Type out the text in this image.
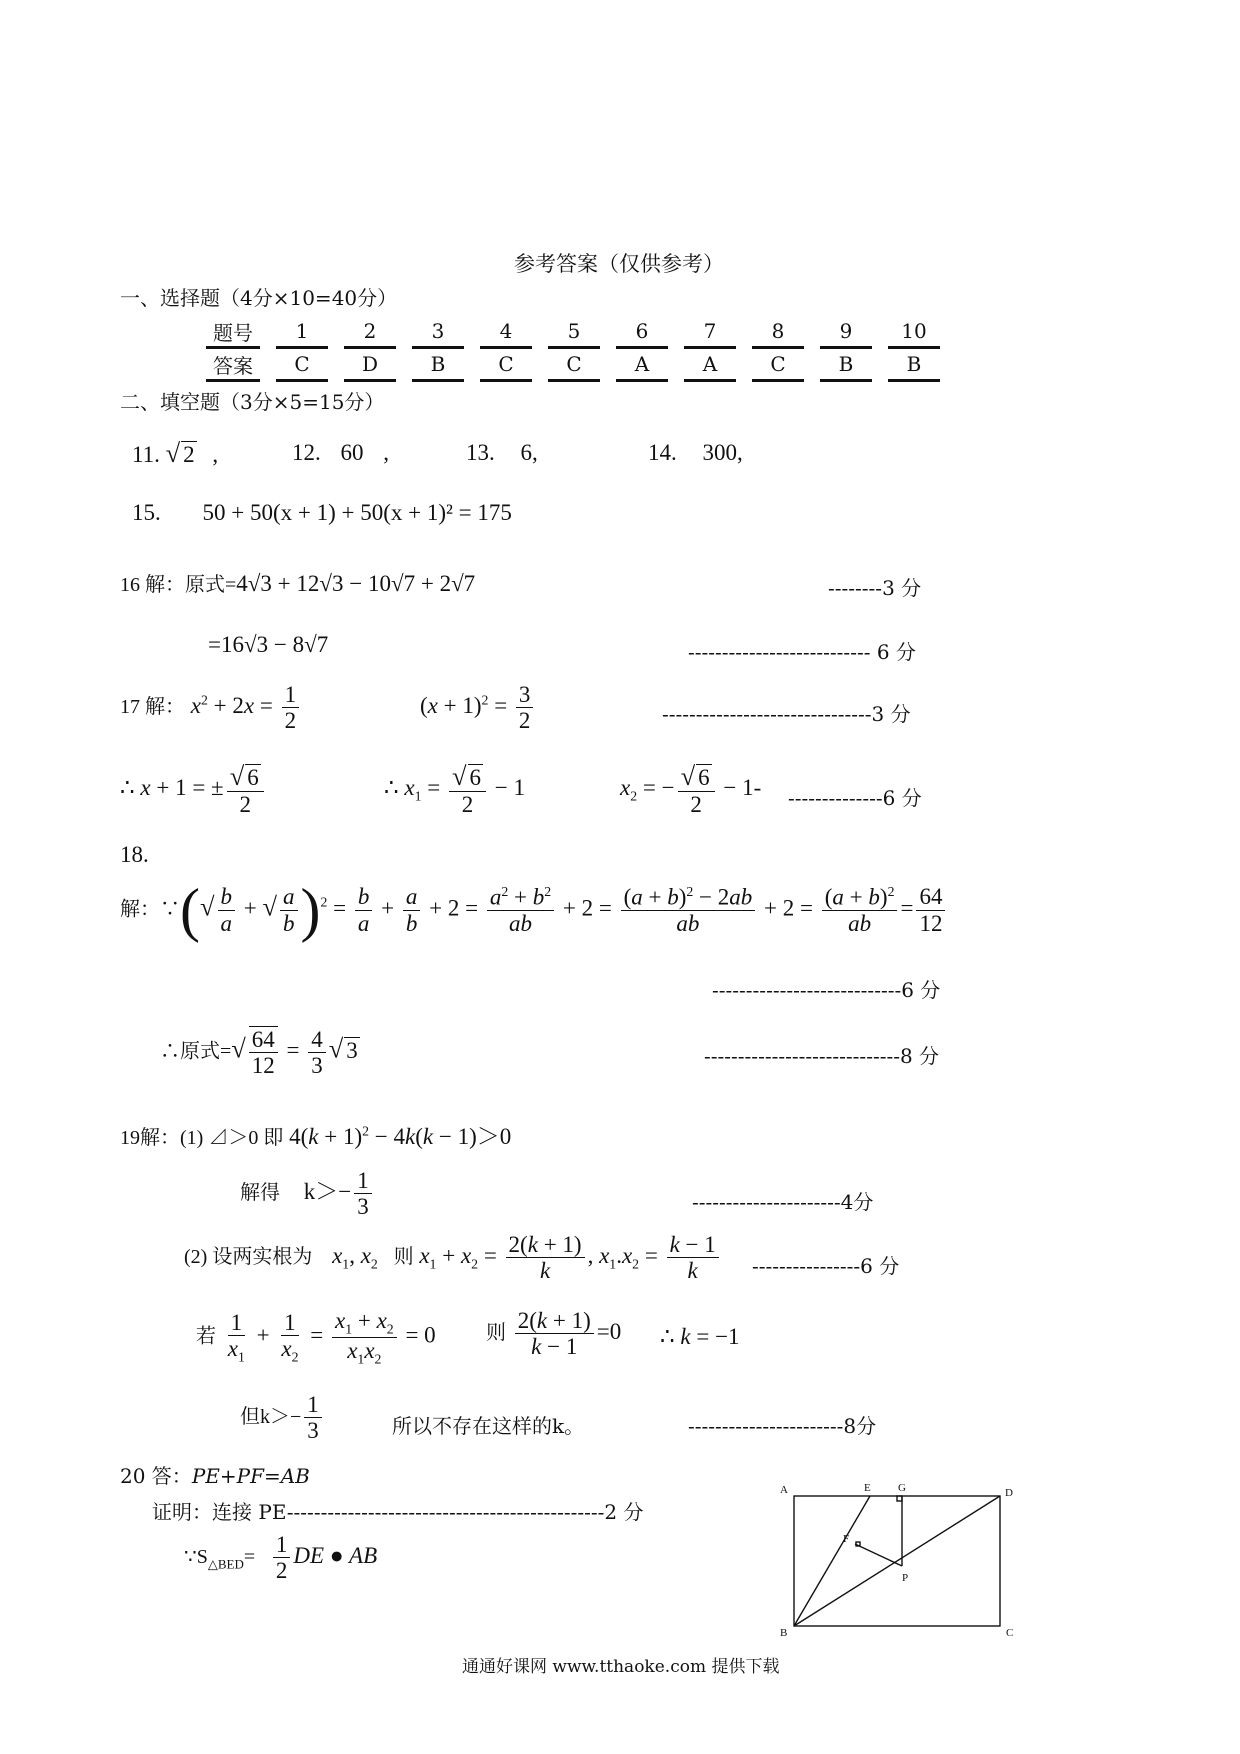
参考答案（仅供参考）
一、选择题（4分×10=40分）
题号	1	2	3	4	5	6	7	8	9	10
答案	C	D	B	C	C	A	A	C	B	B
二、填空题（3分×5=15分）
11. √ 2 ,	12. 60 ,	13. 6,	14. 300,
15. 50 + 50(x + 1) + 50(x + 1)² = 175
16 解：原式=4√3 + 12√3 − 10√7 + 2√7	--------3 分
=16√3 − 8√7	--------------------------- 6 分
17 解： $x^2 + 2x = \frac{1}{2}$	$(x + 1)^2 = \frac{3}{2}$	-------------------------------3 分
∴ x + 1 = ± $\frac{√ 6}{2}$	∴ $x_1 = \frac{√ 6}{2} - 1$	$x_2$ = − $\frac{√ 6}{2} - 1-$ --------------6 分
18.
解：∵(√ $\frac{b}{a}$ + √ $\frac{a}{b} )^2 = \frac{b}{a} + \frac{a}{b} + 2 = \frac{a^2 + b^2}{ab} + 2 = \frac{(a + b)^2 - 2ab}{ab} + 2 = \frac{(a + b)^2}{ab} = \frac{64}{12}$
----------------------------6 分
∴原式=√ $\frac{64}{12} = \frac{4}{3}$ √ 3	-----------------------------8 分
19解：(1) ⊿＞0 即 $4(k + 1)^2 - 4k(k - 1)>0$
解得 $k>- \frac{1}{3}$	----------------------4分
(2) 设两实根为 $x_1$, $x_2$ 则 $x_1 + x_2 = \frac{2(k + 1)}{k}$ , $x_1.x_2 = \frac{k - 1}{k} ----------------6$ 分
若 $\frac{1}{x_1} + \frac{1}{x_2} = \frac{x_1 + x_2}{x_1x_2} = 0$	则 $\frac{2(k + 1)}{k - 1} =0$ ∴ k = −1
但$k>- \frac{1}{3}$	所以不存在这样的k。	-----------------------8分
20 答：PE+PF=AB
证明：连接 PE-----------------------------------------------2 分
$\because S_{\triangle BED}= \frac{1}{2}$ DE ● AB
A	E G	D
F
P
B	C
通通好课网 www.tthaoke.com 提供下载
